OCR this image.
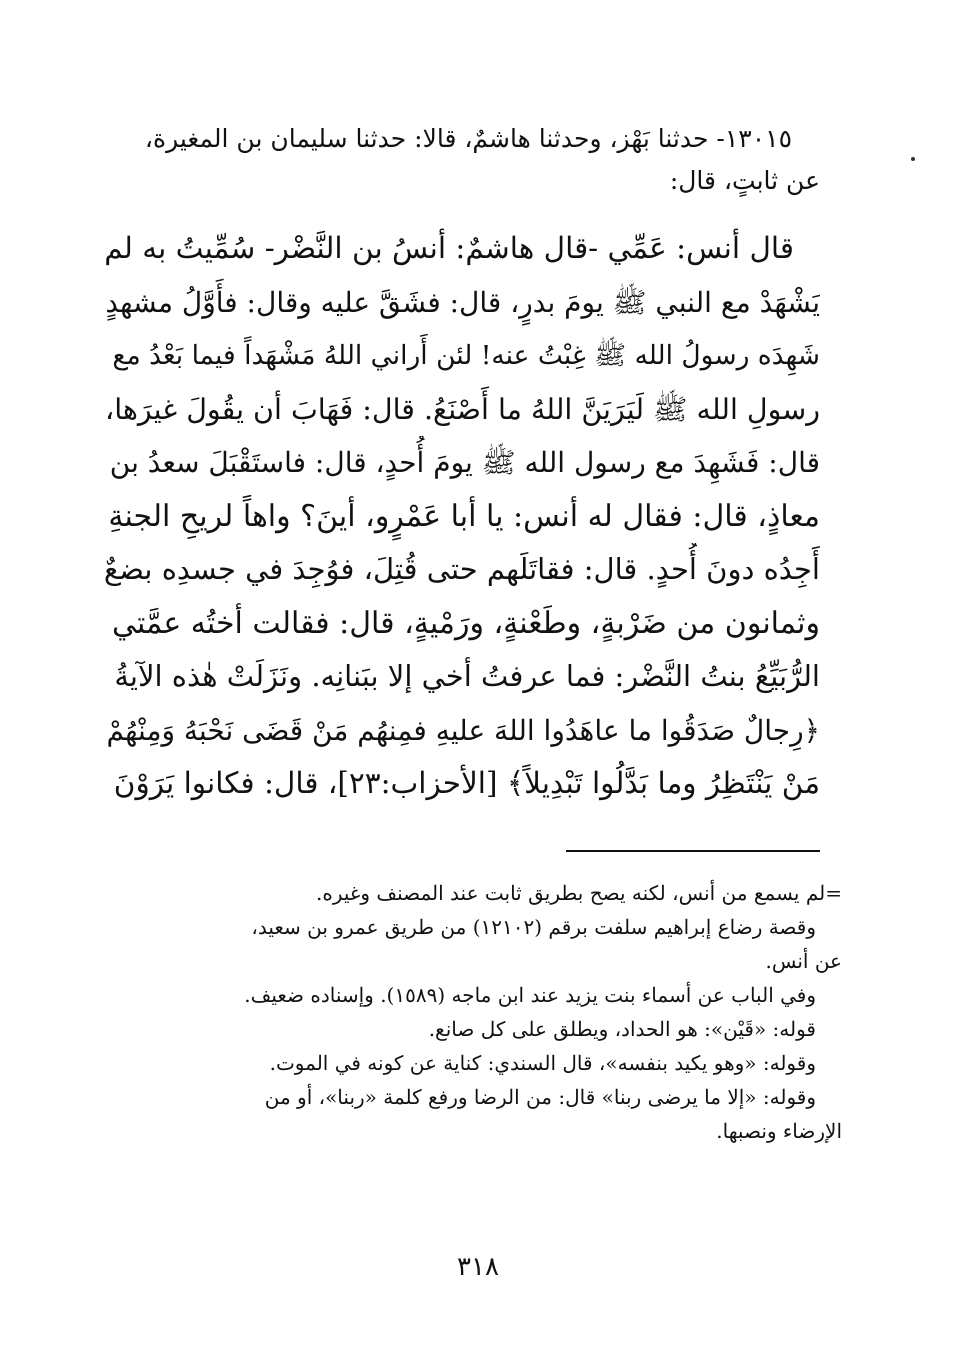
١٣٠١٥- حدثنا بَهْز، وحدثنا هاشمٌ، قالا: حدثنا سليمان بن المغيرة،
عن ثابتٍ، قال:
قال أنس: عَمِّي -قال هاشمٌ: أنسُ بن النَّضْر- سُمِّيتُ به لم
يَشْهَدْ مع النبي ﷺ يومَ بدرٍ، قال: فشَقَّ عليه وقال: فأَوَّلُ مشهدٍ
شَهِدَه رسولُ الله ﷺ غِبْتُ عنه! لئن أَراني اللهُ مَشْهَداً فيما بَعْدُ مع
رسولِ الله ﷺ لَيَرَيَنَّ اللهُ ما أَصْنَعُ. قال: فَهَابَ أن يقُولَ غيرَها،
قال: فَشَهِدَ مع رسول الله ﷺ يومَ أُحدٍ، قال: فاستَقْبَلَ سعدُ بن
معاذٍ، قال: فقال له أنس: يا أبا عَمْرٍو، أينَ؟ واهاً لريحِ الجنةِ
أَجِدُه دونَ أُحدٍ. قال: فقاتَلَهم حتى قُتِلَ، فوُجِدَ في جسدِه بضعٌ
وثمانون من ضَرْبةٍ، وطَعْنةٍ، ورَمْيةٍ، قال: فقالت أختُه عمَّتي
الرُّبَيِّعُ بنتُ النَّضْر: فما عرفتُ أخي إلا ببَنانِه. ونَزَلَتْ هٰذه الآيةُ
﴿رِجالٌ صَدَقُوا ما عاهَدُوا اللهَ عليهِ فمِنهُم مَنْ قَضَى نَحْبَهُ وَمِنْهُمْ
مَنْ يَنْتَظِرُ وما بَدَّلُوا تَبْدِيلاً﴾ [الأحزاب:٢٣]، قال: فكانوا يَرَوْنَ
=لم يسمع من أنس، لكنه يصح بطريق ثابت عند المصنف وغيره.
وقصة رضاع إبراهيم سلفت برقم (١٢١٠٢) من طريق عمرو بن سعيد،
عن أنس.
وفي الباب عن أسماء بنت يزيد عند ابن ماجه (١٥٨٩). وإسناده ضعيف.
قوله: «قَيْن»: هو الحداد، ويطلق على كل صانع.
وقوله: «وهو يكيد بنفسه»، قال السندي: كناية عن كونه في الموت.
وقوله: «إلا ما يرضى ربنا» قال: من الرضا ورفع كلمة «ربنا»، أو من
الإرضاء ونصبها.
٣١٨
